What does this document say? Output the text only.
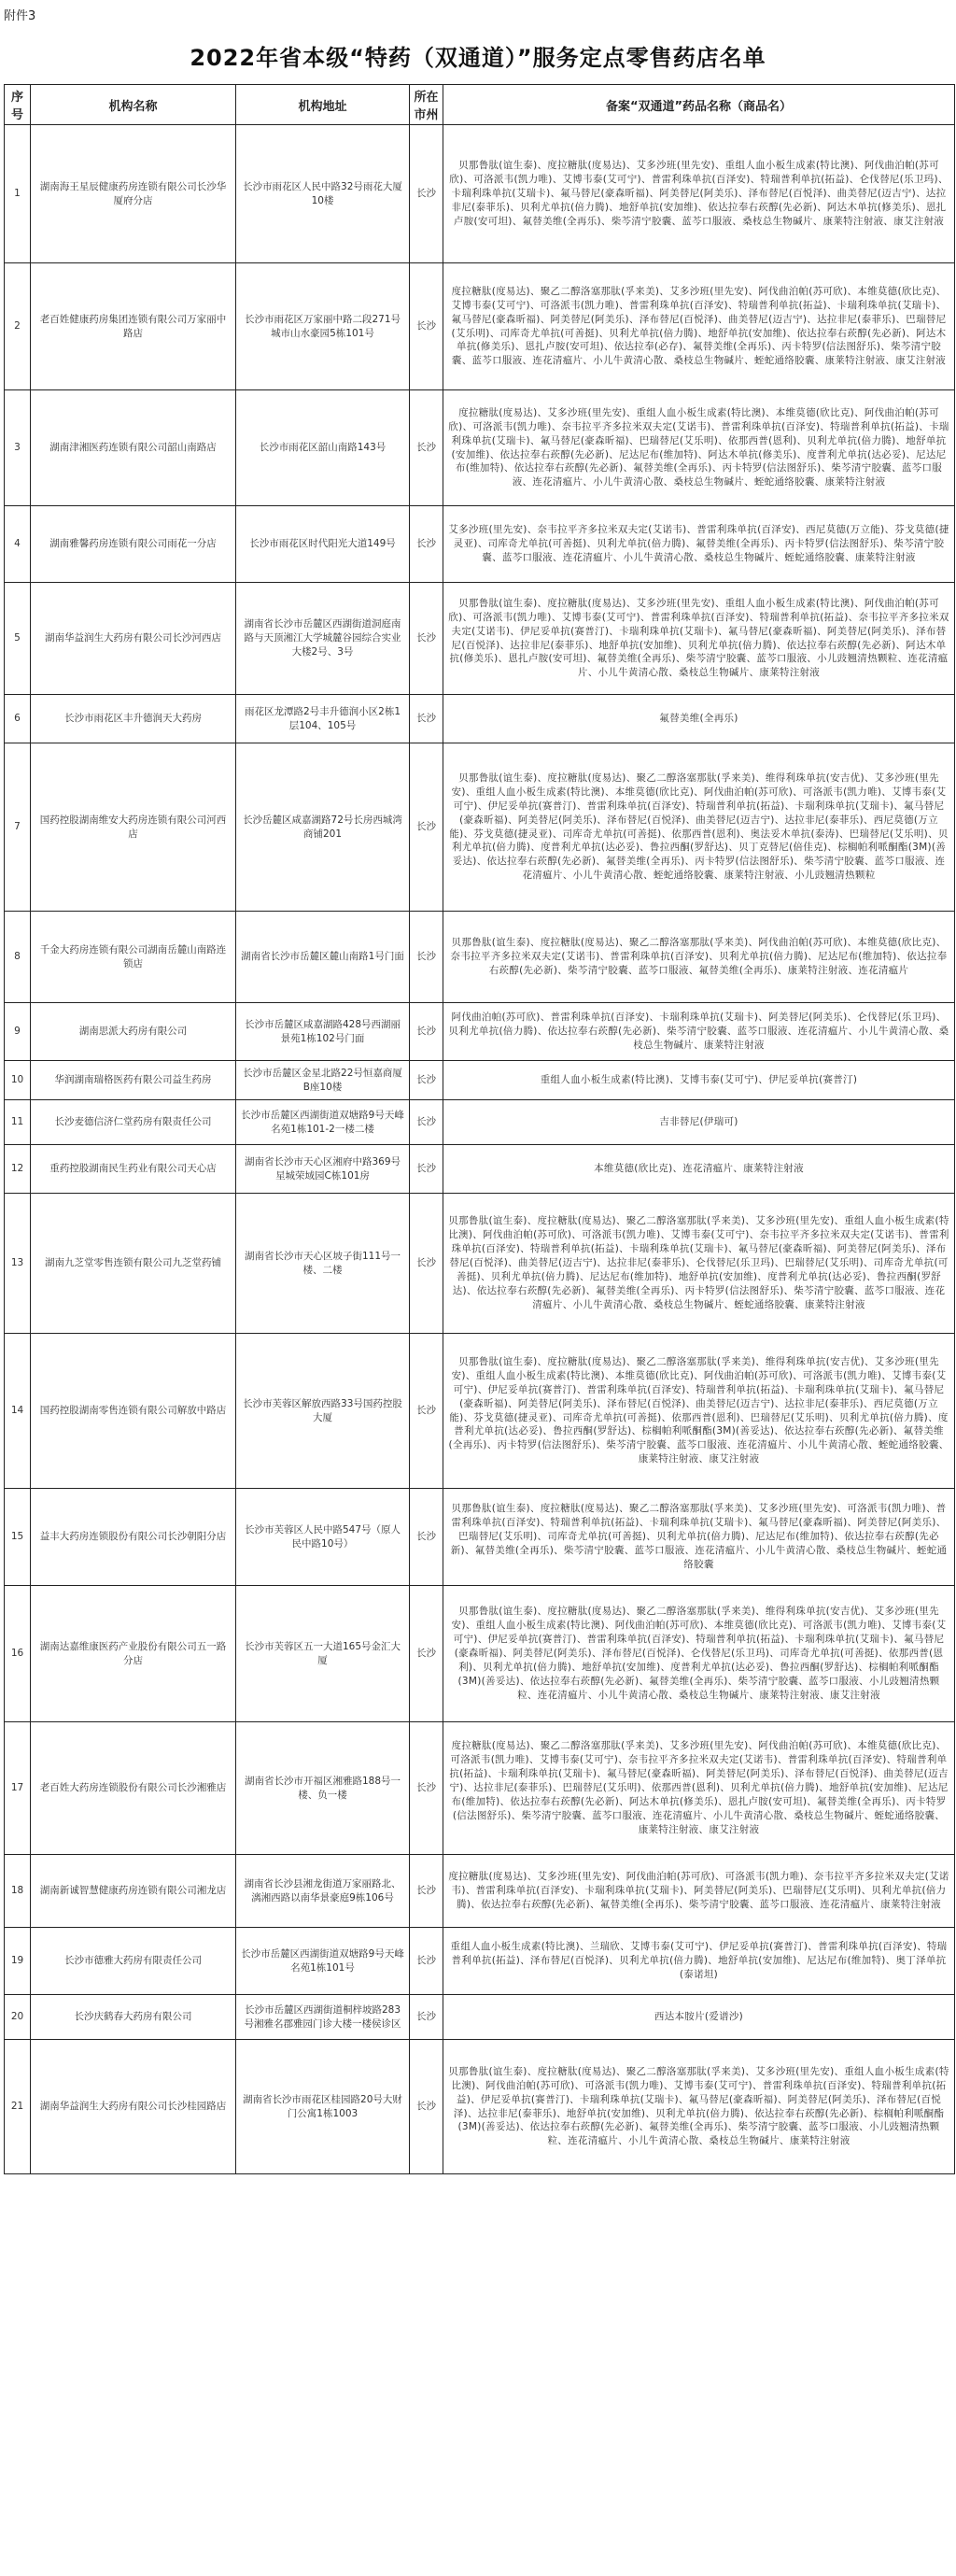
附件3
2022年省本级“特药（双通道）”服务定点零售药店名单
序号	机构名称	机构地址	所在市州	备案“双通道”药品名称（商品名）
1	湖南海王星辰健康药房连锁有限公司长沙华厦府分店	长沙市雨花区人民中路32号雨花大厦10楼	长沙	贝那鲁肽(谊生泰)、度拉糖肽(度易达)、艾多沙班(里先安)、重组人血小板生成素(特比澳)、阿伐曲泊帕(苏可欣)、可洛派韦(凯力唯)、艾博韦泰(艾可宁)、普雷利珠单抗(百泽安)、特瑞普利单抗(拓益)、仑伐替尼(乐卫玛)、卡瑞利珠单抗(艾瑞卡)、氟马替尼(豪森昕福)、阿美替尼(阿美乐)、泽布替尼(百悦泽)、曲美替尼(迈吉宁)、达拉非尼(泰菲乐)、贝利尤单抗(倍力腾)、地舒单抗(安加维)、依达拉奉右莰醇(先必新)、阿达木单抗(修美乐)、恩扎卢胺(安可坦)、氟替美维(全再乐)、柴芩清宁胶囊、蓝芩口服液、桑枝总生物碱片、康莱特注射液、康艾注射液
2	老百姓健康药房集团连锁有限公司万家丽中路店	长沙市雨花区万家丽中路二段271号城市山水豪园5栋101号	长沙	度拉糖肽(度易达)、聚乙二醇洛塞那肽(孚来美)、艾多沙班(里先安)、阿伐曲泊帕(苏可欣)、本维莫德(欣比克)、艾博韦泰(艾可宁)、可洛派韦(凯力唯)、普雷利珠单抗(百泽安)、特瑞普利单抗(拓益)、卡瑞利珠单抗(艾瑞卡)、氟马替尼(豪森昕福)、阿美替尼(阿美乐)、泽布替尼(百悦泽)、曲美替尼(迈吉宁)、达拉非尼(泰菲乐)、巴瑞替尼(艾乐明)、司库奇尤单抗(可善挺)、贝利尤单抗(倍力腾)、地舒单抗(安加维)、依达拉奉右莰醇(先必新)、阿达木单抗(修美乐)、恩扎卢胺(安可坦)、依达拉奉(必存)、氟替美维(全再乐)、丙卡特罗(信法图舒乐)、柴芩清宁胶囊、蓝芩口服液、连花清瘟片、小儿牛黄清心散、桑枝总生物碱片、蛭蛇通络胶囊、康莱特注射液、康艾注射液
3	湖南津湘医药连锁有限公司韶山南路店	长沙市雨花区韶山南路143号	长沙	度拉糖肽(度易达)、艾多沙班(里先安)、重组人血小板生成素(特比澳)、本维莫德(欣比克)、阿伐曲泊帕(苏可欣)、可洛派韦(凯力唯)、奈韦拉平齐多拉米双夫定(艾诺韦)、普雷利珠单抗(百泽安)、特瑞普利单抗(拓益)、卡瑞利珠单抗(艾瑞卡)、氟马替尼(豪森昕福)、巴瑞替尼(艾乐明)、依那西普(恩利)、贝利尤单抗(倍力腾)、地舒单抗(安加维)、依达拉奉右莰醇(先必新)、尼达尼布(维加特)、阿达木单抗(修美乐)、度普利尤单抗(达必妥)、尼达尼布(维加特)、依达拉奉右莰醇(先必新)、氟替美维(全再乐)、丙卡特罗(信法图舒乐)、柴芩清宁胶囊、蓝芩口服液、连花清瘟片、小儿牛黄清心散、桑枝总生物碱片、蛭蛇通络胶囊、康莱特注射液
4	湖南雅馨药房连锁有限公司雨花一分店	长沙市雨花区时代阳光大道149号	长沙	艾多沙班(里先安)、奈韦拉平齐多拉米双夫定(艾诺韦)、普雷利珠单抗(百泽安)、西尼莫德(万立能)、芬戈莫德(捷灵亚)、司库奇尤单抗(可善挺)、贝利尤单抗(倍力腾)、氟替美维(全再乐)、丙卡特罗(信法图舒乐)、柴芩清宁胶囊、蓝芩口服液、连花清瘟片、小儿牛黄清心散、桑枝总生物碱片、蛭蛇通络胶囊、康莱特注射液
5	湖南华益润生大药房有限公司长沙河西店	湖南省长沙市岳麓区西湖街道洞庭南路与天顶湘江大学城麓谷园综合实业大楼2号、3号	长沙	贝那鲁肽(谊生泰)、度拉糖肽(度易达)、艾多沙班(里先安)、重组人血小板生成素(特比澳)、阿伐曲泊帕(苏可欣)、可洛派韦(凯力唯)、艾博韦泰(艾可宁)、普雷利珠单抗(百泽安)、特瑞普利单抗(拓益)、奈韦拉平齐多拉米双夫定(艾诺韦)、伊尼妥单抗(赛普汀)、卡瑞利珠单抗(艾瑞卡)、氟马替尼(豪森昕福)、阿美替尼(阿美乐)、泽布替尼(百悦泽)、达拉非尼(泰菲乐)、地舒单抗(安加维)、贝利尤单抗(倍力腾)、依达拉奉右莰醇(先必新)、阿达木单抗(修美乐)、恩扎卢胺(安可坦)、氟替美维(全再乐)、柴芩清宁胶囊、蓝芩口服液、小儿豉翘清热颗粒、连花清瘟片、小儿牛黄清心散、桑枝总生物碱片、康莱特注射液
6	长沙市雨花区丰升德润天大药房	雨花区龙潭路2号丰升德润小区2栋1层104、105号	长沙	氟替美维(全再乐)
7	国药控股湖南维安大药房连锁有限公司河西店	长沙岳麓区咸嘉湖路72号长房西城湾商铺201	长沙	贝那鲁肽(谊生泰)、度拉糖肽(度易达)、聚乙二醇洛塞那肽(孚来美)、维得利珠单抗(安吉优)、艾多沙班(里先安)、重组人血小板生成素(特比澳)、本维莫德(欣比克)、阿伐曲泊帕(苏可欣)、可洛派韦(凯力唯)、艾博韦泰(艾可宁)、伊尼妥单抗(赛普汀)、普雷利珠单抗(百泽安)、特瑞普利单抗(拓益)、卡瑞利珠单抗(艾瑞卡)、氟马替尼(豪森昕福)、阿美替尼(阿美乐)、泽布替尼(百悦泽)、曲美替尼(迈吉宁)、达拉非尼(泰菲乐)、西尼莫德(万立能)、芬戈莫德(捷灵亚)、司库奇尤单抗(可善挺)、依那西普(恩利)、奥法妥木单抗(泰涛)、巴瑞替尼(艾乐明)、贝利尤单抗(倍力腾)、度普利尤单抗(达必妥)、鲁拉西酮(罗舒达)、贝丁克替尼(倍佳克)、棕榈帕利哌酮酯(3M)(善妥达)、依达拉奉右莰醇(先必新)、氟替美维(全再乐)、丙卡特罗(信法图舒乐)、柴芩清宁胶囊、蓝芩口服液、连花清瘟片、小儿牛黄清心散、蛭蛇通络胶囊、康莱特注射液、小儿豉翘清热颗粒
8	千金大药房连锁有限公司湖南岳麓山南路连锁店	湖南省长沙市岳麓区麓山南路1号门面	长沙	贝那鲁肽(谊生泰)、度拉糖肽(度易达)、聚乙二醇洛塞那肽(孚来美)、阿伐曲泊帕(苏可欣)、本维莫德(欣比克)、奈韦拉平齐多拉米双夫定(艾诺韦)、普雷利珠单抗(百泽安)、贝利尤单抗(倍力腾)、尼达尼布(维加特)、依达拉奉右莰醇(先必新)、柴芩清宁胶囊、蓝芩口服液、氟替美维(全再乐)、康莱特注射液、连花清瘟片
9	湖南思派大药房有限公司	长沙市岳麓区咸嘉湖路428号西湖丽景苑1栋102号门面	长沙	阿伐曲泊帕(苏可欣)、普雷利珠单抗(百泽安)、卡瑞利珠单抗(艾瑞卡)、阿美替尼(阿美乐)、仑伐替尼(乐卫玛)、贝利尤单抗(倍力腾)、依达拉奉右莰醇(先必新)、柴芩清宁胶囊、蓝芩口服液、连花清瘟片、小儿牛黄清心散、桑枝总生物碱片、康莱特注射液
10	华润湖南瑞格医药有限公司益生药房	长沙市岳麓区金星北路22号恒嘉商厦B座10楼	长沙	重组人血小板生成素(特比澳)、艾博韦泰(艾可宁)、伊尼妥单抗(赛普汀)
11	长沙麦德信济仁堂药房有限责任公司	长沙市岳麓区西湖街道双塘路9号天峰名苑1栋101-2一楼二楼	长沙	吉非替尼(伊瑞可)
12	重药控股湖南民生药业有限公司天心店	湖南省长沙市天心区湘府中路369号星城荣域园C栋101房	长沙	本维莫德(欣比克)、连花清瘟片、康莱特注射液
13	湖南九芝堂零售连锁有限公司九芝堂药铺	湖南省长沙市天心区坡子街111号一楼、二楼	长沙	贝那鲁肽(谊生泰)、度拉糖肽(度易达)、聚乙二醇洛塞那肽(孚来美)、艾多沙班(里先安)、重组人血小板生成素(特比澳)、阿伐曲泊帕(苏可欣)、可洛派韦(凯力唯)、艾博韦泰(艾可宁)、奈韦拉平齐多拉米双夫定(艾诺韦)、普雷利珠单抗(百泽安)、特瑞普利单抗(拓益)、卡瑞利珠单抗(艾瑞卡)、氟马替尼(豪森昕福)、阿美替尼(阿美乐)、泽布替尼(百悦泽)、曲美替尼(迈吉宁)、达拉非尼(泰菲乐)、仑伐替尼(乐卫玛)、巴瑞替尼(艾乐明)、司库奇尤单抗(可善挺)、贝利尤单抗(倍力腾)、尼达尼布(维加特)、地舒单抗(安加维)、度普利尤单抗(达必妥)、鲁拉西酮(罗舒达)、依达拉奉右莰醇(先必新)、氟替美维(全再乐)、丙卡特罗(信法图舒乐)、柴芩清宁胶囊、蓝芩口服液、连花清瘟片、小儿牛黄清心散、桑枝总生物碱片、蛭蛇通络胶囊、康莱特注射液
14	国药控股湖南零售连锁有限公司解放中路店	长沙市芙蓉区解放西路33号国药控股大厦	长沙	贝那鲁肽(谊生泰)、度拉糖肽(度易达)、聚乙二醇洛塞那肽(孚来美)、维得利珠单抗(安吉优)、艾多沙班(里先安)、重组人血小板生成素(特比澳)、本维莫德(欣比克)、阿伐曲泊帕(苏可欣)、可洛派韦(凯力唯)、艾博韦泰(艾可宁)、伊尼妥单抗(赛普汀)、普雷利珠单抗(百泽安)、特瑞普利单抗(拓益)、卡瑞利珠单抗(艾瑞卡)、氟马替尼(豪森昕福)、阿美替尼(阿美乐)、泽布替尼(百悦泽)、曲美替尼(迈吉宁)、达拉非尼(泰菲乐)、西尼莫德(万立能)、芬戈莫德(捷灵亚)、司库奇尤单抗(可善挺)、依那西普(恩利)、巴瑞替尼(艾乐明)、贝利尤单抗(倍力腾)、度普利尤单抗(达必妥)、鲁拉西酮(罗舒达)、棕榈帕利哌酮酯(3M)(善妥达)、依达拉奉右莰醇(先必新)、氟替美维(全再乐)、丙卡特罗(信法图舒乐)、柴芩清宁胶囊、蓝芩口服液、连花清瘟片、小儿牛黄清心散、蛭蛇通络胶囊、康莱特注射液、康艾注射液
15	益丰大药房连锁股份有限公司长沙朝阳分店	长沙市芙蓉区人民中路547号（原人民中路10号）	长沙	贝那鲁肽(谊生泰)、度拉糖肽(度易达)、聚乙二醇洛塞那肽(孚来美)、艾多沙班(里先安)、可洛派韦(凯力唯)、普雷利珠单抗(百泽安)、特瑞普利单抗(拓益)、卡瑞利珠单抗(艾瑞卡)、氟马替尼(豪森昕福)、阿美替尼(阿美乐)、巴瑞替尼(艾乐明)、司库奇尤单抗(可善挺)、贝利尤单抗(倍力腾)、尼达尼布(维加特)、依达拉奉右莰醇(先必新)、氟替美维(全再乐)、柴芩清宁胶囊、蓝芩口服液、连花清瘟片、小儿牛黄清心散、桑枝总生物碱片、蛭蛇通络胶囊
16	湖南达嘉维康医药产业股份有限公司五一路分店	长沙市芙蓉区五一大道165号金汇大厦	长沙	贝那鲁肽(谊生泰)、度拉糖肽(度易达)、聚乙二醇洛塞那肽(孚来美)、维得利珠单抗(安吉优)、艾多沙班(里先安)、重组人血小板生成素(特比澳)、阿伐曲泊帕(苏可欣)、本维莫德(欣比克)、可洛派韦(凯力唯)、艾博韦泰(艾可宁)、伊尼妥单抗(赛普汀)、普雷利珠单抗(百泽安)、特瑞普利单抗(拓益)、卡瑞利珠单抗(艾瑞卡)、氟马替尼(豪森昕福)、阿美替尼(阿美乐)、泽布替尼(百悦泽)、仑伐替尼(乐卫玛)、司库奇尤单抗(可善挺)、依那西普(恩利)、贝利尤单抗(倍力腾)、地舒单抗(安加维)、度普利尤单抗(达必妥)、鲁拉西酮(罗舒达)、棕榈帕利哌酮酯(3M)(善妥达)、依达拉奉右莰醇(先必新)、氟替美维(全再乐)、柴芩清宁胶囊、蓝芩口服液、小儿豉翘清热颗粒、连花清瘟片、小儿牛黄清心散、桑枝总生物碱片、康莱特注射液、康艾注射液
17	老百姓大药房连锁股份有限公司长沙湘雅店	湖南省长沙市开福区湘雅路188号一楼、负一楼	长沙	度拉糖肽(度易达)、聚乙二醇洛塞那肽(孚来美)、艾多沙班(里先安)、阿伐曲泊帕(苏可欣)、本维莫德(欣比克)、可洛派韦(凯力唯)、艾博韦泰(艾可宁)、奈韦拉平齐多拉米双夫定(艾诺韦)、普雷利珠单抗(百泽安)、特瑞普利单抗(拓益)、卡瑞利珠单抗(艾瑞卡)、氟马替尼(豪森昕福)、阿美替尼(阿美乐)、泽布替尼(百悦泽)、曲美替尼(迈吉宁)、达拉非尼(泰菲乐)、巴瑞替尼(艾乐明)、依那西普(恩利)、贝利尤单抗(倍力腾)、地舒单抗(安加维)、尼达尼布(维加特)、依达拉奉右莰醇(先必新)、阿达木单抗(修美乐)、恩扎卢胺(安可坦)、氟替美维(全再乐)、丙卡特罗(信法图舒乐)、柴芩清宁胶囊、蓝芩口服液、连花清瘟片、小儿牛黄清心散、桑枝总生物碱片、蛭蛇通络胶囊、康莱特注射液、康艾注射液
18	湖南新诚智慧健康药房连锁有限公司湘龙店	湖南省长沙县湘龙街道万家丽路北、漓湘西路以南华景豪庭9栋106号	长沙	度拉糖肽(度易达)、艾多沙班(里先安)、阿伐曲泊帕(苏可欣)、可洛派韦(凯力唯)、奈韦拉平齐多拉米双夫定(艾诺韦)、普雷利珠单抗(百泽安)、卡瑞利珠单抗(艾瑞卡)、阿美替尼(阿美乐)、巴瑞替尼(艾乐明)、贝利尤单抗(倍力腾)、依达拉奉右莰醇(先必新)、氟替美维(全再乐)、柴芩清宁胶囊、蓝芩口服液、连花清瘟片、康莱特注射液
19	长沙市德雅大药房有限责任公司	长沙市岳麓区西湖街道双塘路9号天峰名苑1栋101号	长沙	重组人血小板生成素(特比澳)、兰瑞欣、艾博韦泰(艾可宁)、伊尼妥单抗(赛普汀)、普雷利珠单抗(百泽安)、特瑞普利单抗(拓益)、泽布替尼(百悦泽)、贝利尤单抗(倍力腾)、地舒单抗(安加维)、尼达尼布(维加特)、奥丁泽单抗(泰诺坦)
20	长沙庆鹤春大药房有限公司	长沙市岳麓区西湖街道桐梓坡路283号湘雅名郡雅园门诊大楼一楼侯诊区	长沙	西达本胺片(爱谱沙)
21	湖南华益润生大药房有限公司长沙桂园路店	湖南省长沙市雨花区桂园路20号大财门公寓1栋1003	长沙	贝那鲁肽(谊生泰)、度拉糖肽(度易达)、聚乙二醇洛塞那肽(孚来美)、艾多沙班(里先安)、重组人血小板生成素(特比澳)、阿伐曲泊帕(苏可欣)、可洛派韦(凯力唯)、艾博韦泰(艾可宁)、普雷利珠单抗(百泽安)、特瑞普利单抗(拓益)、伊尼妥单抗(赛普汀)、卡瑞利珠单抗(艾瑞卡)、氟马替尼(豪森昕福)、阿美替尼(阿美乐)、泽布替尼(百悦泽)、达拉非尼(泰菲乐)、地舒单抗(安加维)、贝利尤单抗(倍力腾)、依达拉奉右莰醇(先必新)、棕榈帕利哌酮酯(3M)(善妥达)、依达拉奉右莰醇(先必新)、氟替美维(全再乐)、柴芩清宁胶囊、蓝芩口服液、小儿豉翘清热颗粒、连花清瘟片、小儿牛黄清心散、桑枝总生物碱片、康莱特注射液
